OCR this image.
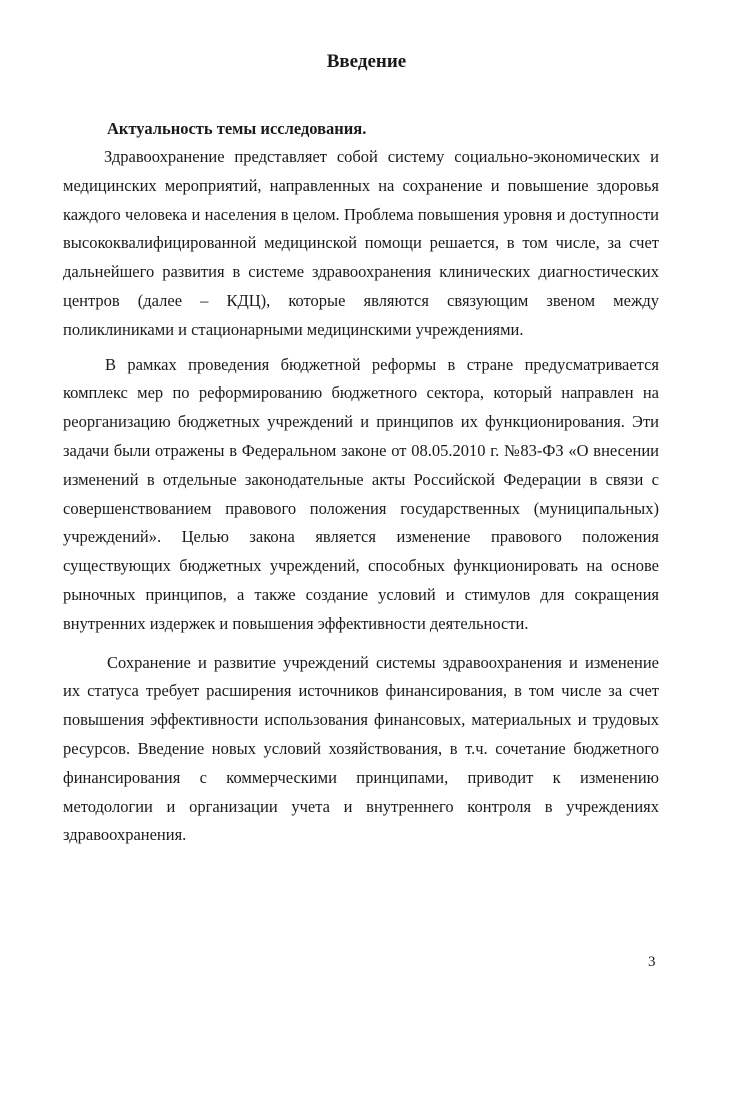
Введение
Актуальность темы исследования.

Здравоохранение представляет собой систему социально-экономических и медицинских мероприятий, направленных на сохранение и повышение здоровья каждого человека и населения в целом. Проблема повышения уровня и доступности высококвалифицированной медицинской помощи решается, в том числе, за счет дальнейшего развития в системе здравоохранения клинических диагностических центров (далее – КДЦ), которые являются связующим звеном между поликлиниками и стационарными медицинскими учреждениями.

В рамках проведения бюджетной реформы в стране предусматривается комплекс мер по реформированию бюджетного сектора, который направлен на реорганизацию бюджетных учреждений и принципов их функционирования. Эти задачи были отражены в Федеральном законе от 08.05.2010 г. №83-ФЗ «О внесении изменений в отдельные законодательные акты Российской Федерации в связи с совершенствованием правового положения государственных (муниципальных) учреждений». Целью закона является изменение правового положения существующих бюджетных учреждений, способных функционировать на основе рыночных принципов, а также создание условий и стимулов для сокращения внутренних издержек и повышения эффективности деятельности.

Сохранение и развитие учреждений системы здравоохранения и изменение их статуса требует расширения источников финансирования, в том числе за счет повышения эффективности использования финансовых, материальных и трудовых ресурсов. Введение новых условий хозяйствования, в т.ч. сочетание бюджетного финансирования с коммерческими принципами, приводит к изменению методологии и организации учета и внутреннего контроля в учреждениях здравоохранения.

3
